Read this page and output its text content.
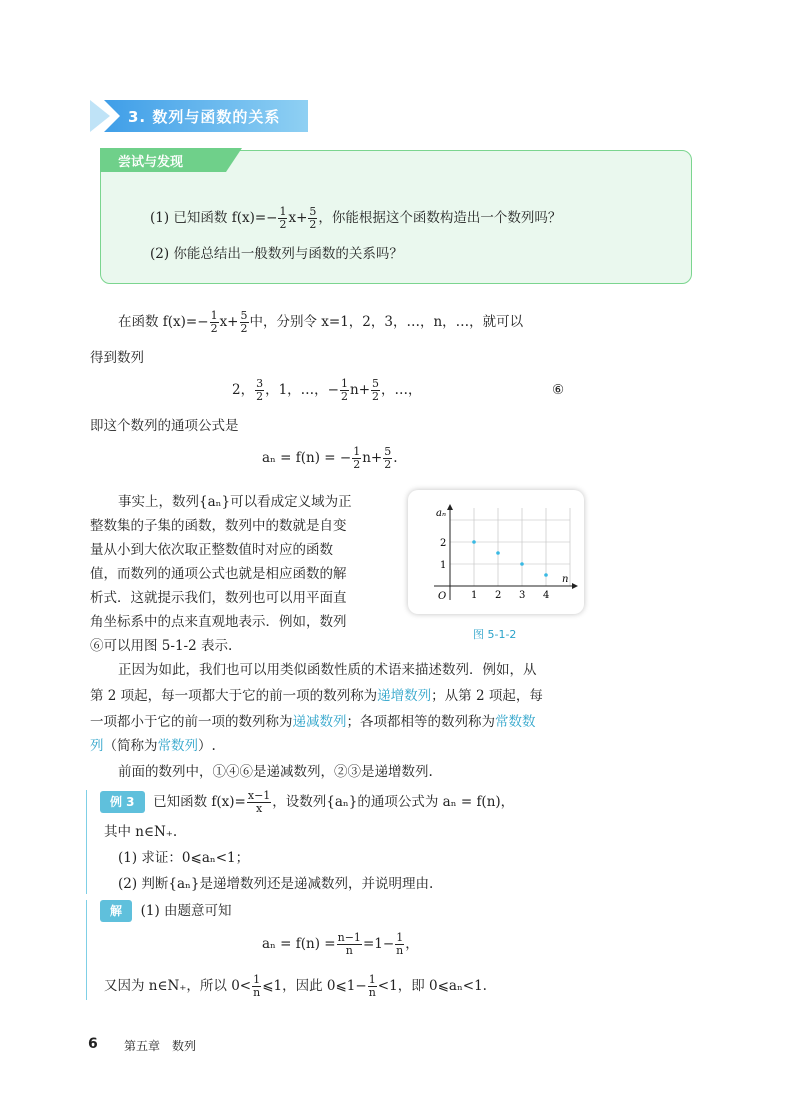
3. 数列与函数的关系
尝试与发现
(1) 已知函数 $f(x)=- \frac{1}{2} x+ \frac{5}{2}$ ，你能根据这个函数构造出一个数列吗？
(2) 你能总结出一般数列与函数的关系吗？
在函数 $f(x)=- \frac{1}{2} x+ \frac{5}{2}$ 中，分别令 x=1，2，3，…，n，…，就可以
得到数列
2， $\frac{3}{2}$ ，1，…，− $\frac{1}{2} n+ \frac{5}{2}$ ，…，	⑥
即这个数列的通项公式是
aₙ = f(n) = − $\frac{1}{2} n+ \frac{5}{2}$ .
事实上，数列{aₙ}可以看成定义域为正
整数集的子集的函数，数列中的数就是自变
量从小到大依次取正整数值时对应的函数
值，而数列的通项公式也就是相应函数的解
析式．这就提示我们，数列也可以用平面直
角坐标系中的点来直观地表示．例如，数列
⑥可以用图 5-1-2 表示.
aₙ
n
O 1 2 3 4
1
2
图 5-1-2
正因为如此，我们也可以用类似函数性质的术语来描述数列．例如，从
第 2 项起，每一项都大于它的前一项的数列称为递增数列；从第 2 项起，每
一项都小于它的前一项的数列称为递减数列；各项都相等的数列称为常数数
列（简称为常数列）.
前面的数列中，①④⑥是递减数列，②③是递增数列.
例 3 已知函数 $f(x)= \frac{x-1}{x}$ ，设数列{aₙ}的通项公式为 aₙ = f(n)，
其中 n∈N₊.
(1) 求证：0⩽aₙ<1；
(2) 判断{aₙ}是递增数列还是递减数列，并说明理由.
解 (1) 由题意可知
$a_n = f(n) = \frac{n-1}{n} =1- \frac{1}{n}$ ，
又因为 n∈N₊，所以 $0< \frac{1}{n}$ ⩽1，因此 0⩽1− $\frac{1}{n} <1$，即 0⩽aₙ<1.
6 第五章　数列
